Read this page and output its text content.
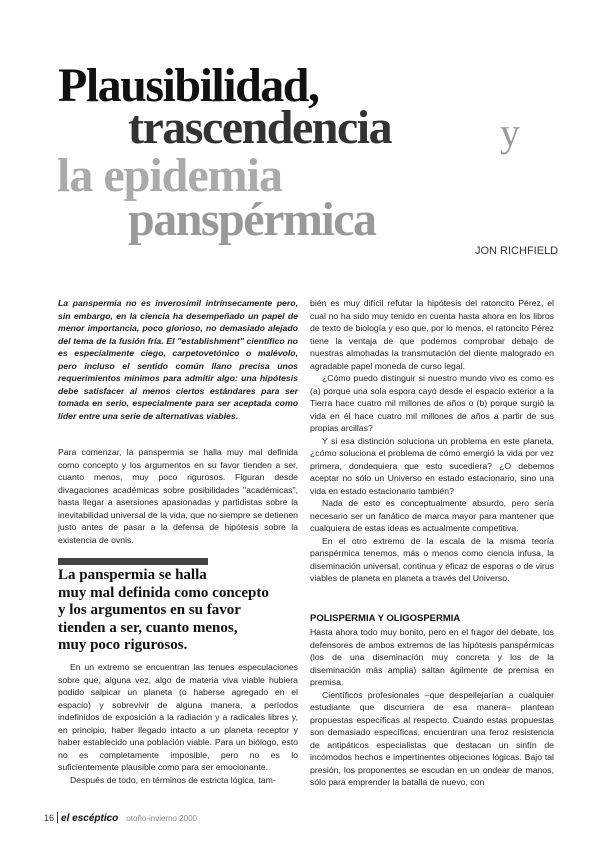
Plausibilidad,
trascendencia	y
la epidemia
panspérmica
JON RICHFIELD

La panspermia no es inverosímil intrínsecamente pero, sin embargo, en la ciencia ha desempeñado un papel de menor importancia, poco glorioso, no demasiado alejado del tema de la fusión fría. El "establishment" científico no es especialmente ciego, carpetovetónico o malévolo, pero incluso el sentido común llano precisa unos requerimientos mínimos para admitir algo: una hipótesis debe satisfacer al menos ciertos estándares para ser tomada en serio, especialmente para ser aceptada como líder entre una serie de alternativas viables.

Para comenzar, la panspermia se halla muy mal definida como concepto y los argumentos en su favor tienden a ser, cuanto menos, muy poco rigurosos. Figuran desde divagaciones académicas sobre posibilidades "académicas", hasta llegar a asersiones apasionadas y partidistas sobre la inevitabilidad universal de la vida, que no siempre se detienen justo antes de pasar a la defensa de hipótesis sobre la existencia de ovnis.

La panspermia se halla
muy mal definida como concepto
y los argumentos en su favor
tienden a ser, cuanto menos,
muy poco rigurosos.

En un extremo se encuentran las tenues especulaciones sobre que, alguna vez, algo de materia viva viable hubiera podido salpicar un planeta (o haberse agregado en el espacio) y sobrevivir de alguna manera, a períodos indefinidos de exposición a la radiación y a radicales libres y, en principio, haber llegado intacto a un planeta receptor y haber establecido una población viable. Para un biólogo, esto no es completamente imposible, pero no es lo suficientemente plausible como para ser emocionante.

Después de todo, en términos de estricta lógica, tam-

bién es muy difícil refutar la hipótesis del ratoncito Pérez, el cual no ha sido muy tenido en cuenta hasta ahora en los libros de texto de biología y eso que, por lo menos, el ratoncito Pérez tiene la ventaja de que podemos comprobar debajo de nuestras almohadas la transmutación del diente malogrado en agradable papel moneda de curso legal.

¿Cómo puedo distinguir si nuestro mundo vivo es como es (a) porque una sola espora cayó desde el espacio exterior a la Tierra hace cuatro mil millones de años o (b) porque surgió la vida en él hace cuatro mil millones de años a partir de sus propias arcillas?

Y si esa distinción soluciona un problema en este planeta, ¿cómo soluciona el problema de cómo emergió la vida por vez primera, dondequiera que esto sucediera? ¿O debemos aceptar no sólo un Universo en estado estacionario, sino una vida en estado estacionario también?

Nada de esto es conceptualmente absurdo, pero sería necesario ser un fanático de marca mayor para mantener que cualquiera de estas ideas es actualmente competitiva.

En el otro extremo de la escala de la misma teoría panspérmica tenemos, más o menos como ciencia infusa, la diseminación universal, continua y eficaz de esporas o de virus viables de planeta en planeta a través del Universo.

POLISPERMIA Y OLIGOSPERMIA

Hasta ahora todo muy bonito, pero en el fragor del debate, los defensores de ambos extremos de las hipótesis panspérmicas (los de una diseminación muy concreta y los de la diseminación más amplia) saltan ágilmente de premisa en premisa.

Científicos profesionales –que despellejarían a cualquier estudiante que discurriera de esa manera– plantean propuestas específicas al respecto. Cuando estas propuestas son demasiado específicas, encuentran una feroz resistencia de antipáticos especialistas que destacan un sinfín de incómodos hechos e impertinentes objeciones lógicas. Bajo tal presión, los proponentes se escudan en un ondear de manos, sólo para emprender la batalla de nuevo, con

16 el escéptico otoño-invierno 2000
